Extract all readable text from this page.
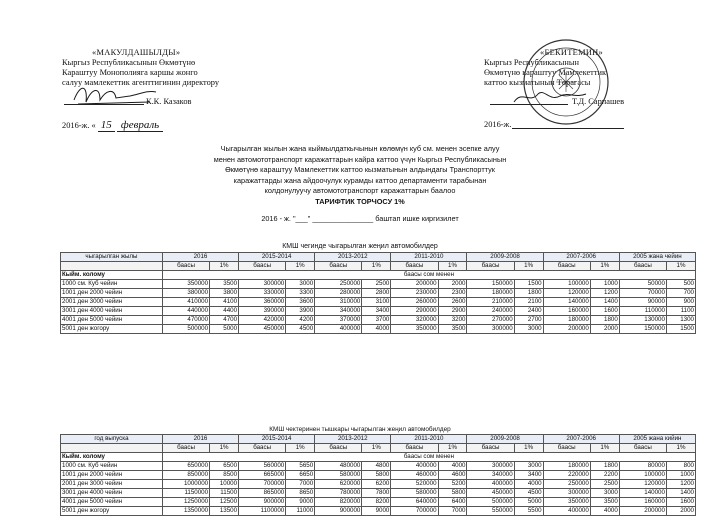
«МАКУЛДАШЫЛДЫ»
Кыргыз Республикасынын Өкмөтүнө
Караштуу Монополияга каршы жонго
салуу мамлекеттик агенттигинин директору
К.К. Казаков
2016-ж. « 15 февраль
«БЕКИТЕМИН»
Кыргыз Республикасынын
Өкмөтүнө караштуу Мамлекеттик
каттоо кызматынын Төрагасы
Т.Д. Сарпашев
2016-ж.
Чыгарылган жылын жана кыймылдаткычынын көлөмүн куб см. менен эсепке алуу
менен автомототранспорт каражаттарын кайра каттоо үчүн Кыргыз Республикасынын
Өкмөтүнө караштуу Мамлекеттик каттоо кызматынын алдындагы Транспорттук
каражаттарды жана айдоочулук курамды каттоо департаменти тарабынан
колдонулуучу автомототранспорт каражаттарын баалоо
ТАРИФТИК ТОРЧОСУ 1%
2016 - ж. "___" _______________ баштап ишке киргизилет
КМШ чегинде чыгарылган жеңил автомобилдер
чыгарылган жылы	2016		2015-2014		2013-2012		2011-2010		2009-2008		2007-2006		2005 жана чейин	
	баасы	1%	баасы	1%	баасы	1%	баасы	1%	баасы	1%	баасы	1%	баасы	1%
Кыйм. колому	баасы сом менен													
1000 см. Куб чейин	350000	3500	300000	3000	250000	2500	200000	2000	150000	1500	100000	1000	50000	500
1001 ден 2000 чейин	380000	3800	330000	3300	280000	2800	230000	2300	180000	1800	120000	1200	70000	700
2001 ден 3000 чейин	410000	4100	360000	3600	310000	3100	260000	2600	210000	2100	140000	1400	90000	900
3001 ден 4000 чейин	440000	4400	390000	3900	340000	3400	290000	2900	240000	2400	160000	1600	110000	1100
4001 ден 5000 чейин	470000	4700	420000	4200	370000	3700	320000	3200	270000	2700	180000	1800	130000	1300
5001 ден жогору	500000	5000	450000	4500	400000	4000	350000	3500	300000	3000	200000	2000	150000	1500
КМШ чектеринен тышкары чыгарылган жеңил автомобилдер
год выпуска	2016		2015-2014		2013-2012		2011-2010		2009-2008		2007-2006		2005 жана кийин	
	баасы	1%	баасы	1%	баасы	1%	баасы	1%	баасы	1%	баасы	1%	баасы	1%
Кыйм. колому	баасы сом менен													
1000 см. Куб чейин	650000	6500	560000	5650	480000	4800	400000	4000	300000	3000	180000	1800	80000	800
1001 ден 2000 чейин	850000	8500	665000	6650	580000	5800	460000	4600	340000	3400	220000	2200	100000	1000
2001 ден 3000 чейин	1000000	10000	700000	7000	620000	6200	520000	5200	400000	4000	250000	2500	120000	1200
3001 ден 4000 чейин	1150000	11500	865000	8650	780000	7800	580000	5800	450000	4500	300000	3000	140000	1400
4001 ден 5000 чейин	1250000	12500	900000	9000	820000	8200	640000	6400	500000	5000	350000	3500	160000	1600
5001 ден жогору	1350000	13500	1100000	11000	900000	9000	700000	7000	550000	5500	400000	4000	200000	2000
